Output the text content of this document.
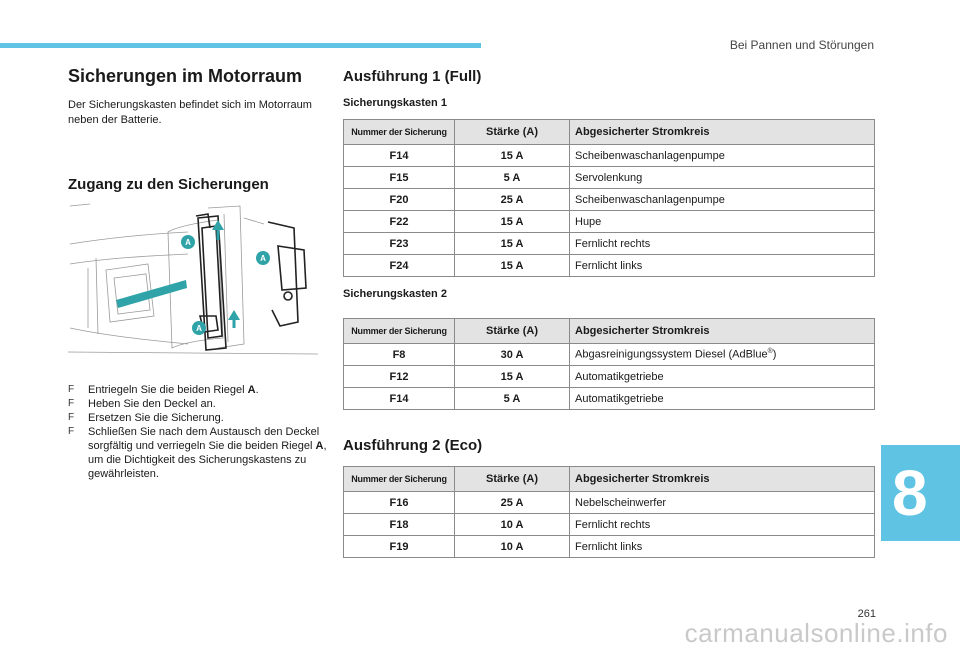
Bei Pannen und Störungen
Sicherungen im Motorraum

Der Sicherungskasten befindet sich im Motorraum neben der Batterie.

Zugang zu den Sicherungen
A
A
A
F Entriegeln Sie die beiden Riegel A.
F Heben Sie den Deckel an.
F Ersetzen Sie die Sicherung.
F Schließen Sie nach dem Austausch den Deckel sorgfältig und verriegeln Sie die beiden Riegel A, um die Dichtigkeit des Sicherungskastens zu gewährleisten.
Ausführung 1 (Full)
Sicherungskasten 1
Nummer der Sicherung	Stärke (A)	Abgesicherter Stromkreis
F14	15 A	Scheibenwaschanlagenpumpe
F15	5 A	Servolenkung
F20	25 A	Scheibenwaschanlagenpumpe
F22	15 A	Hupe
F23	15 A	Fernlicht rechts
F24	15 A	Fernlicht links
Sicherungskasten 2
Nummer der Sicherung	Stärke (A)	Abgesicherter Stromkreis
F8	30 A	Abgasreinigungssystem Diesel (AdBlue®)
F12	15 A	Automatikgetriebe
F14	5 A	Automatikgetriebe
Ausführung 2 (Eco)
Nummer der Sicherung	Stärke (A)	Abgesicherter Stromkreis
F16	25 A	Nebelscheinwerfer
F18	10 A	Fernlicht rechts
F19	10 A	Fernlicht links
8
261
carmanualsonline.info
